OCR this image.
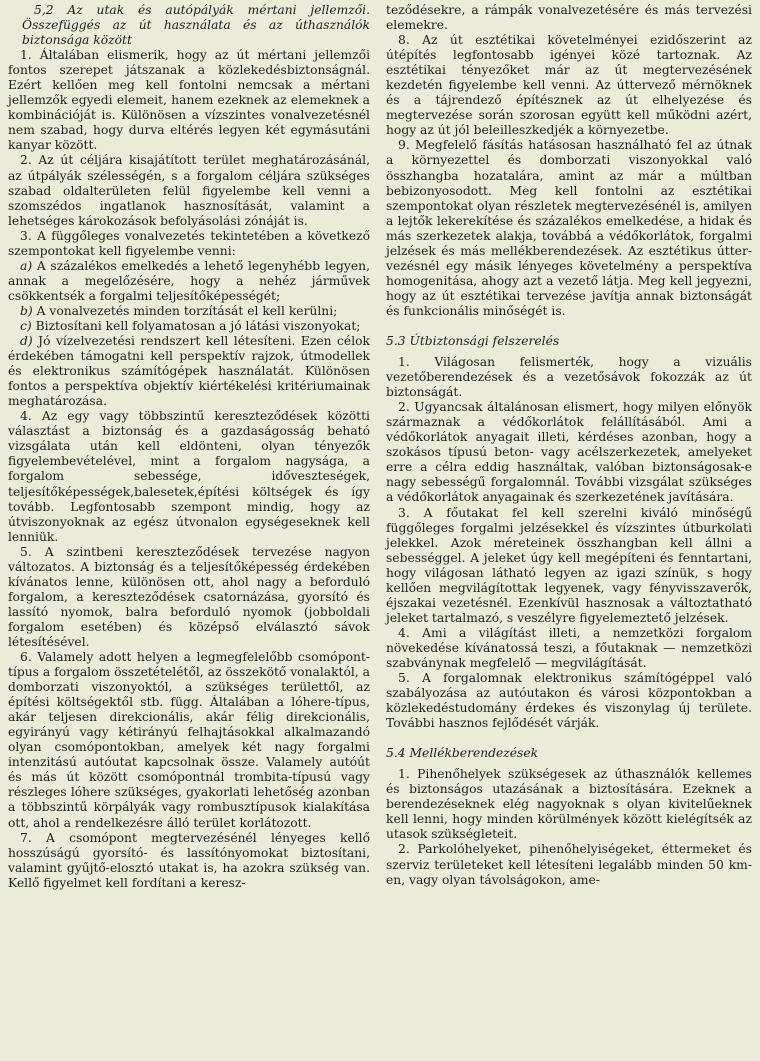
5,2 Az utak és autópályák mértani jellemzői. Összefüggés az út használata és az úthasználók biztonsága között

1. Általában elismerik, hogy az út mértani jellemzői fontos szerepet játszanak a közlekedésbiztonságnál. Ezért kellően meg kell fontolni nemcsak a mértani jellemzők egyedi elemeit, hanem ezeknek az elemeknek a kombinációját is. Különösen a vízszintes vonalvezetésnél nem szabad, hogy durva eltérés legyen két egymásutáni kanyar között.

2. Az út céljára kisajátított terület meghatározásánál, az útpályák szélességén, s a forgalom céljára szükséges szabad oldalterületen felül figyelembe kell venni a szomszédos ingatlanok hasznosítását, valamint a lehetséges károkozások befolyásolási zónáját is.

3. A függőleges vonalvezetés tekintetében a következő szempontokat kell figyelembe venni:

a) A százalékos emelkedés a lehető legenyhébb legyen, annak a megelőzésére, hogy a nehéz járművek csökkentsék a forgalmi teljesítőképességét;

b) A vonalvezetés minden torzítását el kell kerülni;

c) Biztosítani kell folyamatosan a jó látási viszonyokat;

d) Jó vízelvezetési rendszert kell létesíteni. Ezen célok érdekében támogatni kell perspektív rajzok, útmodellek és elektronikus számítógépek használatát. Különösen fontos a perspektíva objektív kiértékelési kritériumainak meghatározása.

4. Az egy vagy többszintű kereszteződések közötti választást a biztonság és a gazdaságosság beható vizsgálata után kell eldönteni, olyan tényezők figyelembevételével, mint a forgalom nagysága, a forgalom sebessége, időveszteségek, teljesítőképességek,balesetek,építési költségek és így tovább. Legfontosabb szempont mindig, hogy az útviszonyoknak az egész útvonalon egységeseknek kell lenniük.

5. A szintbeni kereszteződések tervezése nagyon változatos. A biztonság és a teljesítőképesség érdekében kívánatos lenne, különösen ott, ahol nagy a beforduló forgalom, a kereszteződések csatornázása, gyorsító és lassító nyomok, balra beforduló nyomok (jobboldali forgalom esetében) és középső elválasztó sávok létesítésével.

6. Valamely adott helyen a legmegfelelőbb csomópont-típus a forgalom összetételétől, az összekötő vonalaktól, a domborzati viszonyoktól, a szükséges területtől, az építési költségektől stb. függ. Általában a lóhere-típus, akár teljesen direkcionális, akár félig direkcionális, egyirányú vagy kétirányú felhajtásokkal alkalmazandó olyan csomópontokban, amelyek két nagy forgalmi intenzitású autóutat kapcsolnak össze. Valamely autóút és más út között csomópontnál trombita-típusú vagy részleges lóhere szükséges, gyakorlati lehetőség azonban a többszintű körpályák vagy rombusztípusok kialakítása ott, ahol a rendelkezésre álló terület korlátozott.

7. A csomópont megtervezésénél lényeges kellő hosszúságú gyorsító- és lassítónyomokat biztosítani, valamint gyűjtő-elosztó utakat is, ha azokra szükség van. Kellő figyelmet kell fordítani a keresz-

teződésekre, a rámpák vonalvezetésére és más tervezési elemekre.

8. Az út esztétikai követelményei ezidőszerint az útépítés legfontosabb igényei közé tartoznak. Az esztétikai tényezőket már az út megtervezésének kezdetén figyelembe kell venni. Az úttervező mérnöknek és a tájrendező építésznek az út elhelyezése és megtervezése során szorosan együtt kell működni azért, hogy az út jól beleilleszkedjék a környezetbe.

9. Megfelelő fásítás hatásosan használható fel az útnak a környezettel és domborzati viszonyokkal való összhangba hozatalára, amint az már a múltban bebizonyosodott. Meg kell fontolni az esztétikai szempontokat olyan részletek megtervezésénél is, amilyen a lejtők lekerekítése és százalékos emelkedése, a hidak és más szerkezetek alakja, továbbá a védőkorlátok, forgalmi jelzések és más mellékberendezések. Az esztétikus útter-vezésnél egy másik lényeges követelmény a perspektíva homogenitása, ahogy azt a vezető látja. Meg kell jegyezni, hogy az út esztétikai tervezése javítja annak biztonságát és funkcionális minőségét is.

5.3 Útbiztonsági felszerelés

1. Világosan felismerték, hogy a vizuális vezetőberendezések és a vezetősávok fokozzák az út biztonságát.

2. Ugyancsak általánosan elismert, hogy milyen előnyök származnak a védőkorlátok felállításából. Ami a védőkorlátok anyagait illeti, kérdéses azonban, hogy a szokásos típusú beton- vagy acélszerkezetek, amelyeket erre a célra eddig használtak, valóban biztonságosak-e nagy sebességű forgalomnál. További vizsgálat szükséges a védőkorlátok anyagainak és szerkezetének javítására.

3. A főutakat fel kell szerelni kiváló minőségű függőleges forgalmi jelzésekkel és vízszintes útburkolati jelekkel. Azok méreteinek összhangban kell állni a sebességgel. A jeleket úgy kell megépíteni és fenntartani, hogy világosan látható legyen az igazi színük, s hogy kellően megvilágítottak legyenek, vagy fényvisszaverők, éjszakai vezetésnél. Ezenkívül hasznosak a változtatható jeleket tartalmazó, s veszélyre figyelemeztető jelzések.

4. Ami a világítást illeti, a nemzetközi forgalom növekedése kívánatossá teszi, a főutaknak — nemzetközi szabványnak megfelelő — megvilágítását.

5. A forgalomnak elektronikus számítógéppel való szabályozása az autóutakon és városi központokban a közlekedéstudomány érdekes és viszonylag új területe. További hasznos fejlődését várják.

5.4 Mellékberendezések

1. Pihenőhelyek szükségesek az úthasználók kellemes és biztonságos utazásának a biztosítására. Ezeknek a berendezéseknek elég nagyoknak s olyan kivitelűeknek kell lenni, hogy minden körülmények között kielégítsék az utasok szükségleteit.

2. Parkolóhelyeket, pihenőhelyiségeket, éttermeket és szerviz területeket kell létesíteni legalább minden 50 km-en, vagy olyan távolságokon, ame-
